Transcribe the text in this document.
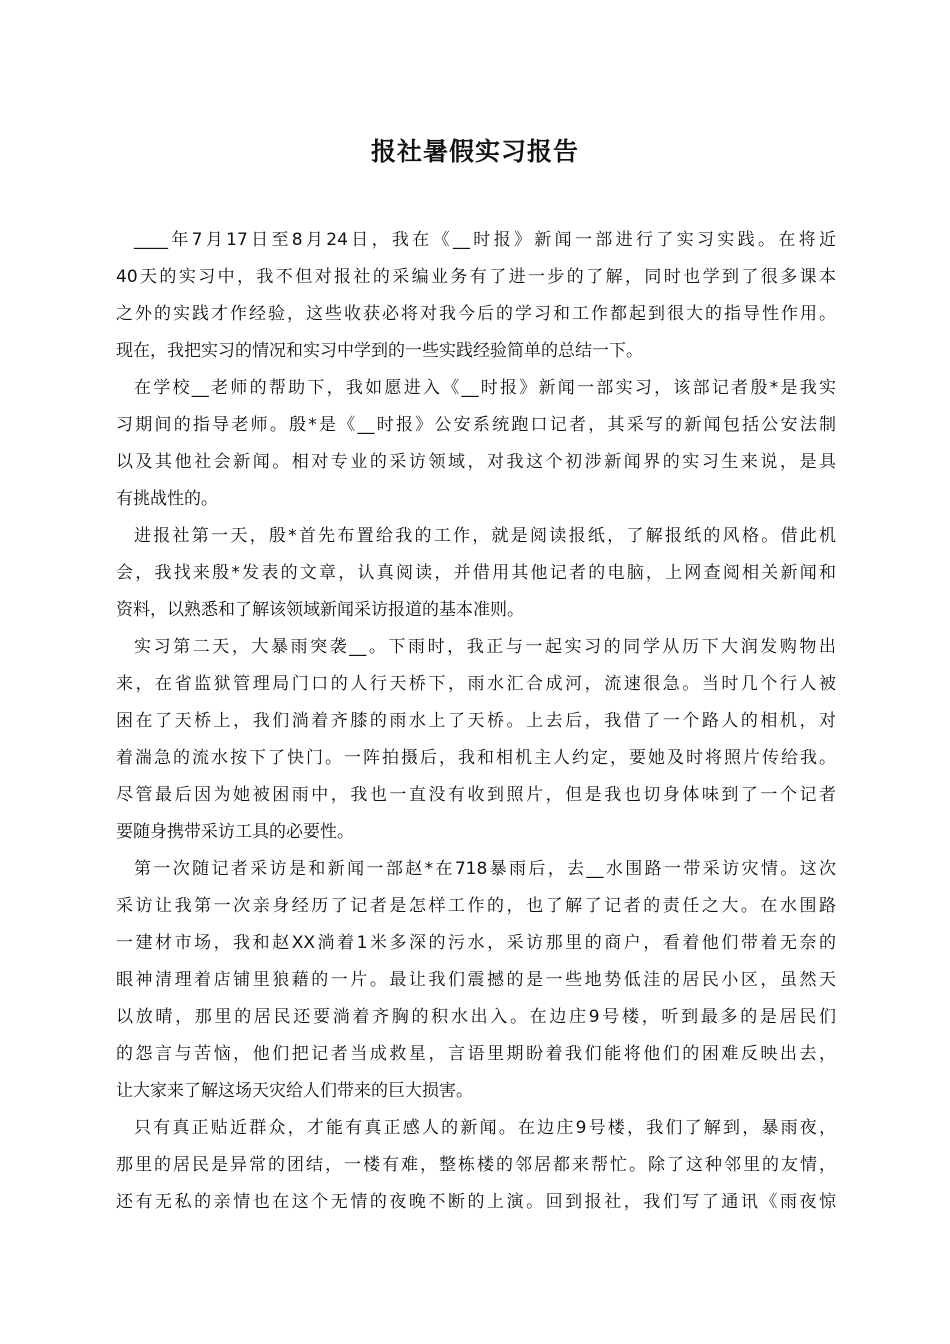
报社暑假实习报告
____年7月17日至8月24日，我在《__时报》新闻一部进行了实习实践。在将近
40天的实习中，我不但对报社的采编业务有了进一步的了解，同时也学到了很多课本
之外的实践才作经验，这些收获必将对我今后的学习和工作都起到很大的指导性作用。
现在，我把实习的情况和实习中学到的一些实践经验简单的总结一下。
在学校__老师的帮助下，我如愿进入《__时报》新闻一部实习，该部记者殷*是我实
习期间的指导老师。殷*是《__时报》公安系统跑口记者，其采写的新闻包括公安法制
以及其他社会新闻。相对专业的采访领域，对我这个初涉新闻界的实习生来说，是具
有挑战性的。
进报社第一天，殷*首先布置给我的工作，就是阅读报纸，了解报纸的风格。借此机
会，我找来殷*发表的文章，认真阅读，并借用其他记者的电脑，上网查阅相关新闻和
资料，以熟悉和了解该领域新闻采访报道的基本准则。
实习第二天，大暴雨突袭__。下雨时，我正与一起实习的同学从历下大润发购物出
来，在省监狱管理局门口的人行天桥下，雨水汇合成河，流速很急。当时几个行人被
困在了天桥上，我们淌着齐膝的雨水上了天桥。上去后，我借了一个路人的相机，对
着湍急的流水按下了快门。一阵拍摄后，我和相机主人约定，要她及时将照片传给我。
尽管最后因为她被困雨中，我也一直没有收到照片，但是我也切身体味到了一个记者
要随身携带采访工具的必要性。
第一次随记者采访是和新闻一部赵*在718暴雨后，去__水围路一带采访灾情。这次
采访让我第一次亲身经历了记者是怎样工作的，也了解了记者的责任之大。在水围路
一建材市场，我和赵XX淌着1米多深的污水，采访那里的商户，看着他们带着无奈的
眼神清理着店铺里狼藉的一片。最让我们震撼的是一些地势低洼的居民小区，虽然天
以放晴，那里的居民还要淌着齐胸的积水出入。在边庄9号楼，听到最多的是居民们
的怨言与苦恼，他们把记者当成救星，言语里期盼着我们能将他们的困难反映出去，
让大家来了解这场天灾给人们带来的巨大损害。
只有真正贴近群众，才能有真正感人的新闻。在边庄9号楼，我们了解到，暴雨夜，
那里的居民是异常的团结，一楼有难，整栋楼的邻居都来帮忙。除了这种邻里的友情，
还有无私的亲情也在这个无情的夜晚不断的上演。回到报社，我们写了通讯《雨夜惊
